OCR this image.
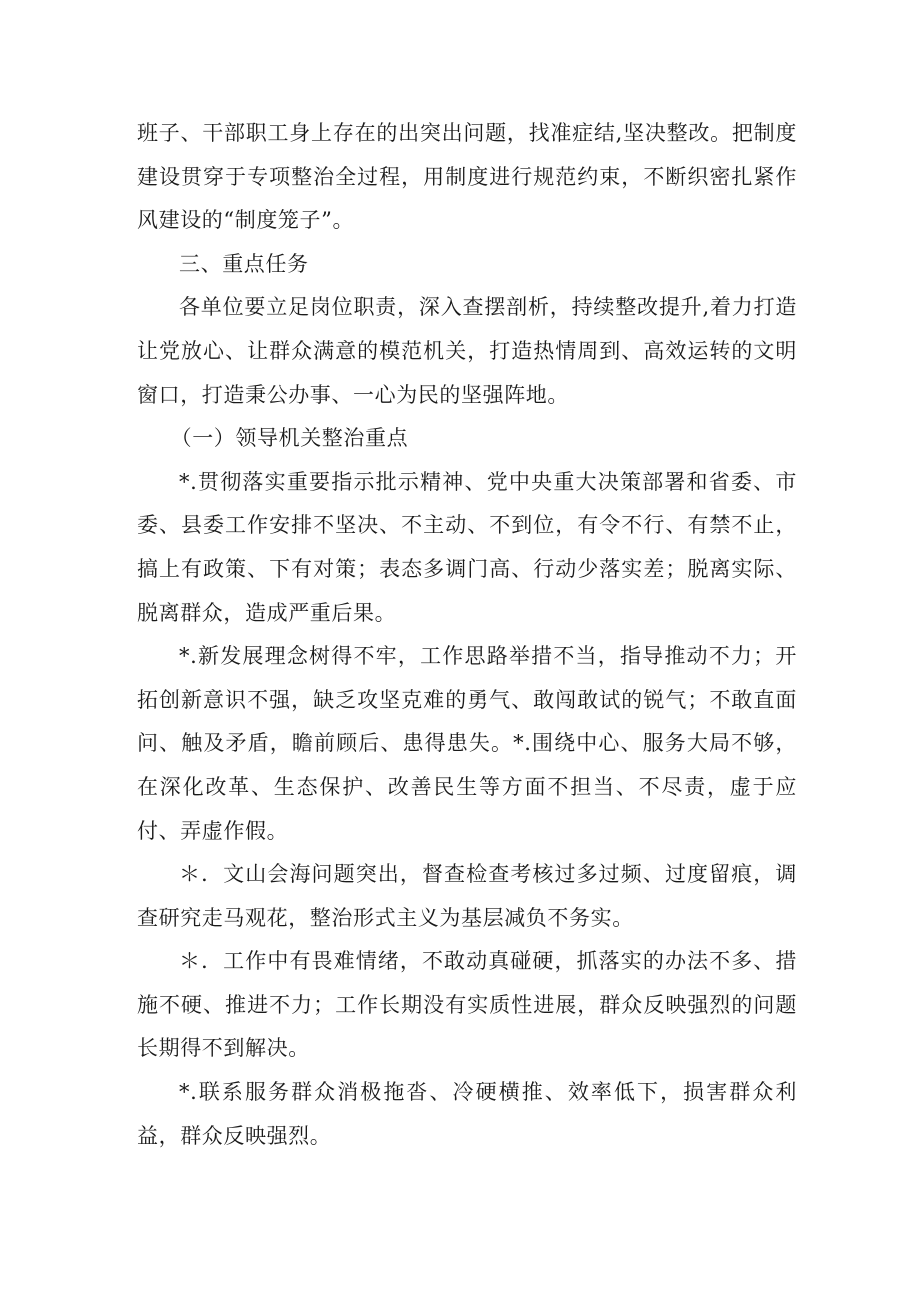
班子、干部职工身上存在的出突出问题，找准症结,坚决整改。把制度建设贯穿于专项整治全过程，用制度进行规范约束，不断织密扎紧作风建设的“制度笼子”。

三、重点任务

各单位要立足岗位职责，深入查摆剖析，持续整改提升,着力打造让党放心、让群众满意的模范机关，打造热情周到、高效运转的文明窗口，打造秉公办事、一心为民的坚强阵地。

（一）领导机关整治重点

*.贯彻落实重要指示批示精神、党中央重大决策部署和省委、市委、县委工作安排不坚决、不主动、不到位，有令不行、有禁不止，搞上有政策、下有对策；表态多调门高、行动少落实差；脱离实际、脱离群众，造成严重后果。

*.新发展理念树得不牢，工作思路举措不当，指导推动不力；开拓创新意识不强，缺乏攻坚克难的勇气、敢闯敢试的锐气；不敢直面问、触及矛盾，瞻前顾后、患得患失。*.围绕中心、服务大局不够，在深化改革、生态保护、改善民生等方面不担当、不尽责，虚于应付、弄虚作假。

＊．文山会海问题突出，督查检查考核过多过频、过度留痕，调查研究走马观花，整治形式主义为基层减负不务实。

＊．工作中有畏难情绪，不敢动真碰硬，抓落实的办法不多、措施不硬、推进不力；工作长期没有实质性进展，群众反映强烈的问题长期得不到解决。

*.联系服务群众消极拖沓、冷硬横推、效率低下，损害群众利益，群众反映强烈。
